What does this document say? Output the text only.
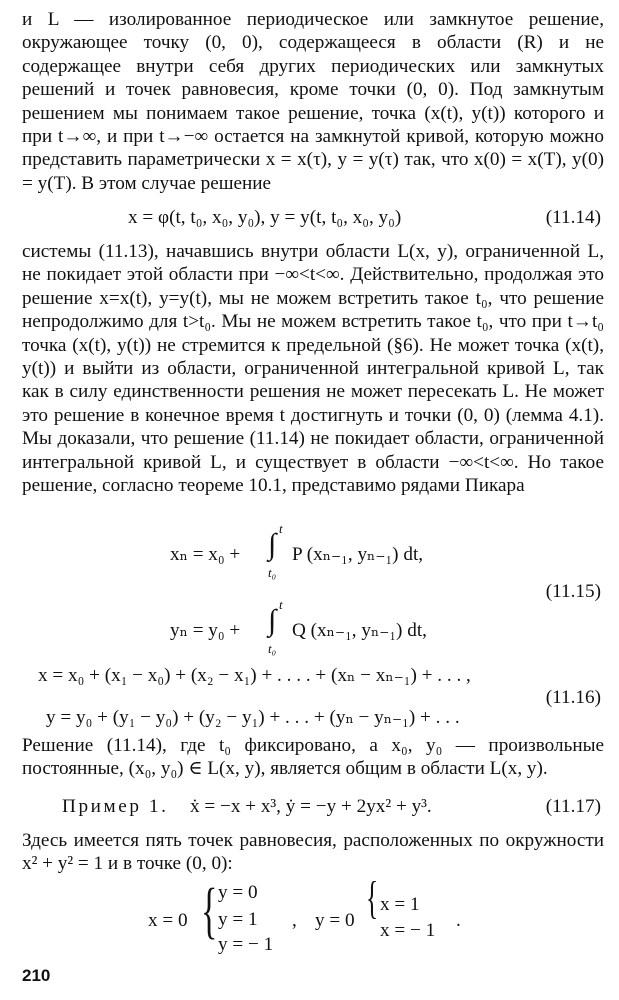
и L — изолированное периодическое или замкнутое решение, окружающее точку (0, 0), содержащееся в области (R) и не содержащее внутри себя других периодических или замкнутых решений и точек равновесия, кроме точки (0, 0). Под замкнутым решением мы понимаем такое решение, точка (x(t), y(t)) которого и при t→∞, и при t→−∞ остается на замкнутой кривой, которую можно представить параметрически x = x(τ), y = y(τ) так, что x(0) = x(T), y(0) = y(T). В этом случае решение

x = φ(t, t₀, x₀, y₀), y = y(t, t₀, x₀, y₀)	(11.14)

системы (11.13), начавшись внутри области L(x, y), ограниченной L, не покидает этой области при −∞<t<∞. Действительно, продолжая это решение x=x(t), y=y(t), мы не можем встретить такое t₀, что решение непродолжимо для t>t₀. Мы не можем встретить такое t₀, что при t→t₀ точка (x(t), y(t)) не стремится к предельной (§6). Не может точка (x(t), y(t)) и выйти из области, ограниченной интегральной кривой L, так как в силу единственности решения не может пересекать L. Не может это решение в конечное время t достигнуть и точки (0, 0) (лемма 4.1). Мы доказали, что решение (11.14) не покидает области, ограниченной интегральной кривой L, и существует в области −∞<t<∞. Но такое решение, согласно теореме 10.1, представимо рядами Пикара

xₙ = x₀ +
t
∫
t₀
P (xₙ₋₁, yₙ₋₁) dt,
(11.15)
yₙ = y₀ +
t
∫
t₀
Q (xₙ₋₁, yₙ₋₁) dt,
x = x₀ + (x₁ − x₀) + (x₂ − x₁) + . . . . + (xₙ − xₙ₋₁) + . . . ,
(11.16)
y = y₀ + (y₁ − y₀) + (y₂ − y₁) + . . . + (yₙ − yₙ₋₁) + . . .

Решение (11.14), где t₀ фиксировано, а x₀, y₀ — произвольные постоянные, (x₀, y₀) ∈ L(x, y), является общим в области L(x, y).

Пример 1. ẋ = −x + x³, ẏ = −y + 2yx² + y³.	(11.17)

Здесь имеется пять точек равновесия, расположенных по окружности x² + y² = 1 и в точке (0, 0):

x = 0 { y = 0
y = 1
y = − 1
, y = 0 { x = 1
x = − 1 .
210
